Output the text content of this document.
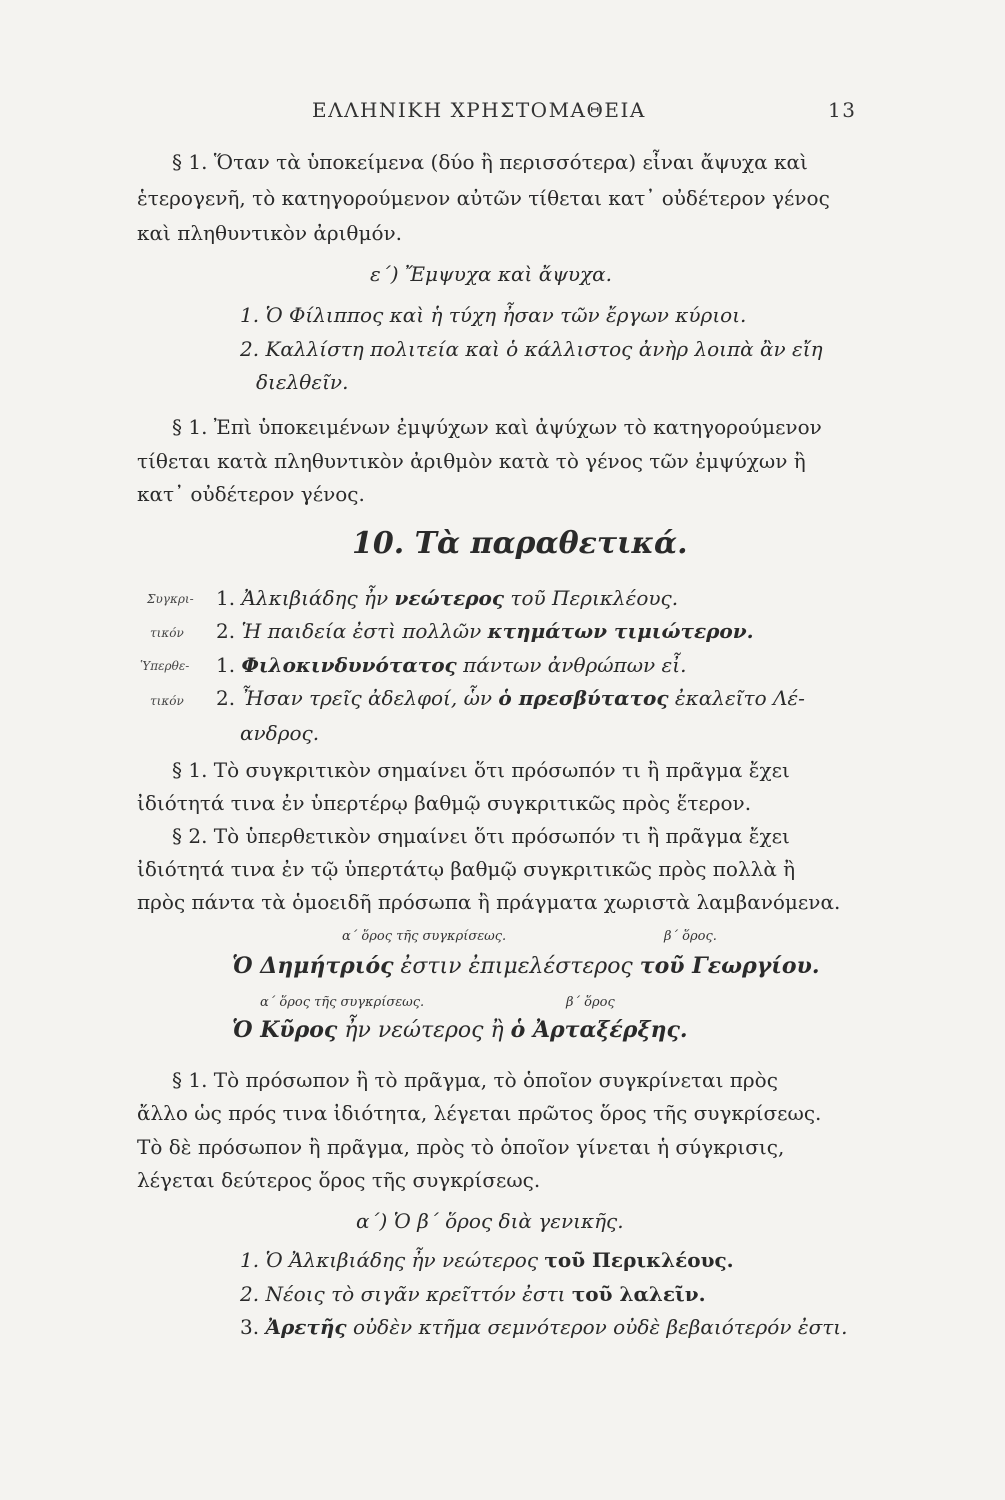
ΕΛΛΗΝΙΚΗ ΧΡΗΣΤΟΜΑΘΕΙΑ	13
§ 1. Ὅταν τὰ ὑποκείμενα (δύο ἢ περισσότερα) εἶναι ἄψυχα καὶ
ἑτερογενῆ, τὸ κατηγορούμενον αὐτῶν τίθεται κατ᾽ οὐδέτερον γένος
καὶ πληθυντικὸν ἀριθμόν.
ε΄) Ἔμψυχα καὶ ἄψυχα.
1. Ὁ Φίλιππος καὶ ἡ τύχη ἦσαν τῶν ἔργων κύριοι.
2. Καλλίστη πολιτεία καὶ ὁ κάλλιστος ἀνὴρ λοιπὰ ἂν εἴη
διελθεῖν.
§ 1. Ἐπὶ ὑποκειμένων ἐμψύχων καὶ ἀψύχων τὸ κατηγορούμενον
τίθεται κατὰ πληθυντικὸν ἀριθμὸν κατὰ τὸ γένος τῶν ἐμψύχων ἢ
κατ᾽ οὐδέτερον γένος.
10. Τὰ παραθετικά.
Συγκρι-
τικόν
1. Ἀλκιβιάδης ἦν νεώτερος τοῦ Περικλέους.
2. Ἡ παιδεία ἐστὶ πολλῶν κτημάτων τιμιώτερον.
Ὑπερθε-
τικόν
1. Φιλοκινδυνότατος πάντων ἀνθρώπων εἶ.
2. Ἦσαν τρεῖς ἀδελφοί, ὧν ὁ πρεσβύτατος ἐκαλεῖτο Λέ-
ανδρος.
§ 1. Τὸ συγκριτικὸν σημαίνει ὅτι πρόσωπόν τι ἢ πρᾶγμα ἔχει
ἰδιότητά τινα ἐν ὑπερτέρῳ βαθμῷ συγκριτικῶς πρὸς ἕτερον.
§ 2. Τὸ ὑπερθετικὸν σημαίνει ὅτι πρόσωπόν τι ἢ πρᾶγμα ἔχει
ἰδιότητά τινα ἐν τῷ ὑπερτάτῳ βαθμῷ συγκριτικῶς πρὸς πολλὰ ἢ
πρὸς πάντα τὰ ὁμοειδῆ πρόσωπα ἢ πράγματα χωριστὰ λαμβανόμενα.
α΄ ὅρος τῆς συγκρίσεως.	β΄ ὅρος.
Ὁ Δημήτριός ἐστιν ἐπιμελέστερος τοῦ Γεωργίου.
α΄ ὅρος τῆς συγκρίσεως.	β΄ ὅρος
Ὁ Κῦρος ἦν νεώτερος ἢ ὁ Ἀρταξέρξης.
§ 1. Τὸ πρόσωπον ἢ τὸ πρᾶγμα, τὸ ὁποῖον συγκρίνεται πρὸς
ἄλλο ὡς πρός τινα ἰδιότητα, λέγεται πρῶτος ὅρος τῆς συγκρίσεως.
Τὸ δὲ πρόσωπον ἢ πρᾶγμα, πρὸς τὸ ὁποῖον γίνεται ἡ σύγκρισις,
λέγεται δεύτερος ὅρος τῆς συγκρίσεως.
α΄) Ὁ β΄ ὅρος διὰ γενικῆς.
1. Ὁ Ἀλκιβιάδης ἦν νεώτερος τοῦ Περικλέους.
2. Νέοις τὸ σιγᾶν κρεῖττόν ἐστι τοῦ λαλεῖν.
3. Ἀρετῆς οὐδὲν κτῆμα σεμνότερον οὐδὲ βεβαιότερόν ἐστι.
